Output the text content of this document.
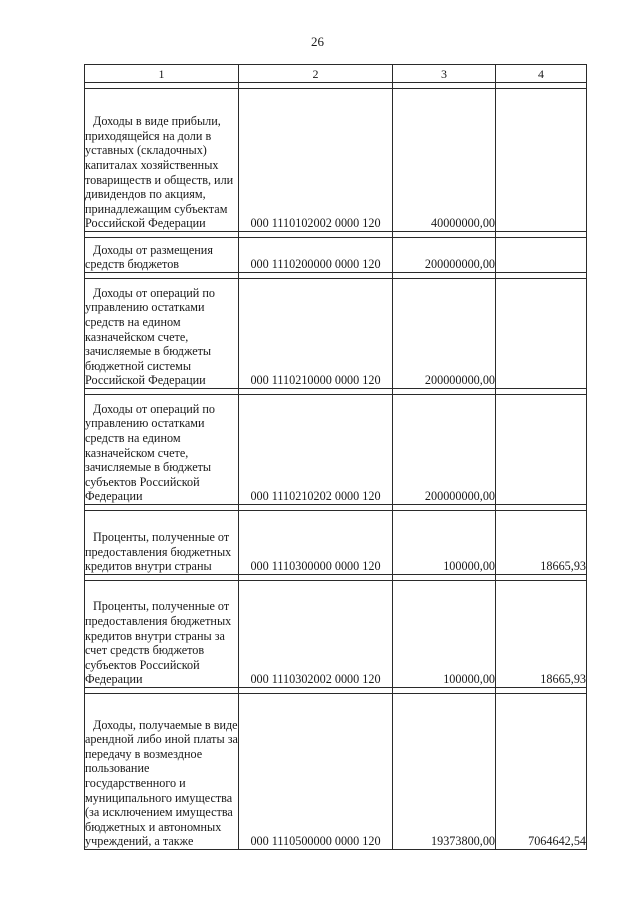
26
1	2	3	4

Доходы в виде прибыли, приходящейся на доли в уставных (складочных) капиталах хозяйственных товариществ и обществ, или дивидендов по акциям, принадлежащим субъектам Российской Федерации	000 1110102002 0000 120	40000000,00	

Доходы от размещения средств бюджетов	000 1110200000 0000 120	200000000,00	

Доходы от операций по управлению остатками средств на едином казначейском счете, зачисляемые в бюджеты бюджетной системы Российской Федерации	000 1110210000 0000 120	200000000,00	

Доходы от операций по управлению остатками средств на едином казначейском счете, зачисляемые в бюджеты субъектов Российской Федерации	000 1110210202 0000 120	200000000,00	

Проценты, полученные от предоставления бюджетных кредитов внутри страны	000 1110300000 0000 120	100000,00	18665,93

Проценты, полученные от предоставления бюджетных кредитов внутри страны за счет средств бюджетов субъектов Российской Федерации	000 1110302002 0000 120	100000,00	18665,93

Доходы, получаемые в виде арендной либо иной платы за передачу в возмездное пользование государственного и муниципального имущества (за исключением имущества бюджетных и автономных учреждений, а также	000 1110500000 0000 120	19373800,00	7064642,54
